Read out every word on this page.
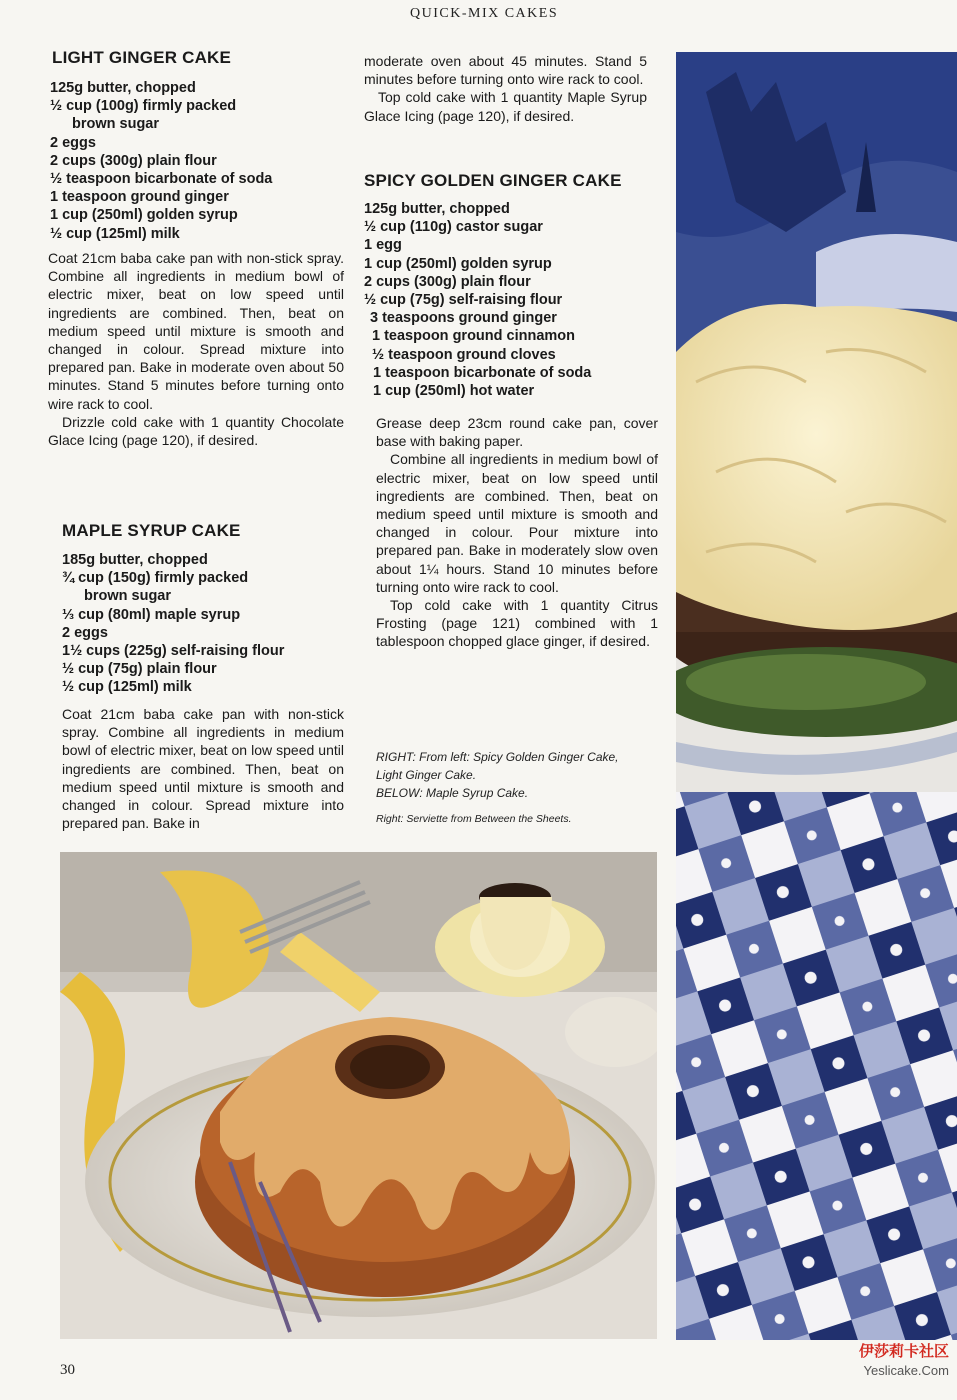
QUICK-MIX CAKES
LIGHT GINGER CAKE
125g butter, chopped
½ cup (100g) firmly packed
brown sugar
2 eggs
2 cups (300g) plain flour
½ teaspoon bicarbonate of soda
1 teaspoon ground ginger
1 cup (250ml) golden syrup
½ cup (125ml) milk

Coat 21cm baba cake pan with non-stick spray. Combine all ingredients in medium bowl of electric mixer, beat on low speed until ingredients are combined. Then, beat on medium speed until mixture is smooth and changed in colour. Spread mixture into prepared pan. Bake in moderate oven about 50 minutes. Stand 5 minutes before turning onto wire rack to cool.

Drizzle cold cake with 1 quantity Chocolate Glace Icing (page 120), if desired.

MAPLE SYRUP CAKE
185g butter, chopped
¾ cup (150g) firmly packed
brown sugar
⅓ cup (80ml) maple syrup
2 eggs
1½ cups (225g) self-raising flour
½ cup (75g) plain flour
½ cup (125ml) milk

Coat 21cm baba cake pan with non-stick spray. Combine all ingredients in medium bowl of electric mixer, beat on low speed until ingredients are combined. Then, beat on medium speed until mixture is smooth and changed in colour. Spread mixture into prepared pan. Bake in

moderate oven about 45 minutes. Stand 5 minutes before turning onto wire rack to cool.

Top cold cake with 1 quantity Maple Syrup Glace Icing (page 120), if desired.

SPICY GOLDEN GINGER CAKE
125g butter, chopped
½ cup (110g) castor sugar
1 egg
1 cup (250ml) golden syrup
2 cups (300g) plain flour
½ cup (75g) self-raising flour
3 teaspoons ground ginger
1 teaspoon ground cinnamon
½ teaspoon ground cloves
1 teaspoon bicarbonate of soda
1 cup (250ml) hot water

Grease deep 23cm round cake pan, cover base with baking paper.

Combine all ingredients in medium bowl of electric mixer, beat on low speed until ingredients are combined. Then, beat on medium speed until mixture is smooth and changed in colour. Pour mixture into prepared pan. Bake in moderately slow oven about 1¼ hours. Stand 10 minutes before turning onto wire rack to cool.

Top cold cake with 1 quantity Citrus Frosting (page 121) combined with 1 tablespoon chopped glace ginger, if desired.

RIGHT: From left: Spicy Golden Ginger Cake,
Light Ginger Cake.
BELOW: Maple Syrup Cake.
Right: Serviette from Between the Sheets.
30
伊莎莉卡社区
Yeslicake.Com
